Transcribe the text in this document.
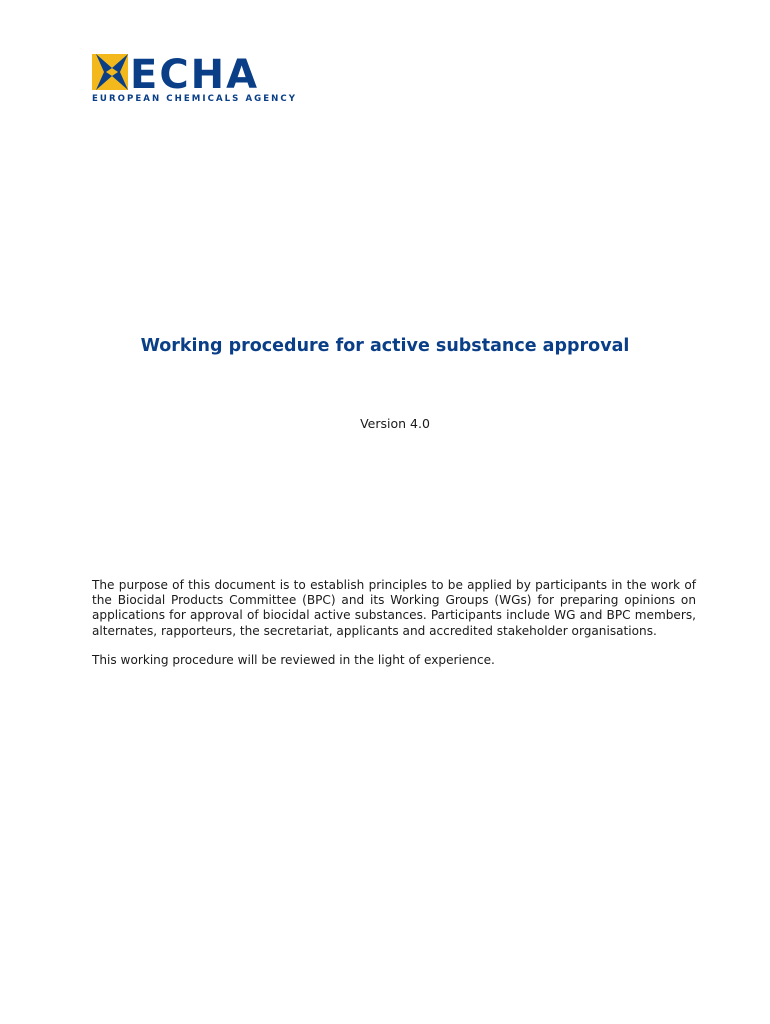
ECHA
EUROPEAN CHEMICALS AGENCY
Working procedure for active substance approval
Version 4.0

The purpose of this document is to establish principles to be applied by participants in the work of the Biocidal Products Committee (BPC) and its Working Groups (WGs) for preparing opinions on applications for approval of biocidal active substances. Participants include WG and BPC members, alternates, rapporteurs, the secretariat, applicants and accredited stakeholder organisations.

This working procedure will be reviewed in the light of experience.
